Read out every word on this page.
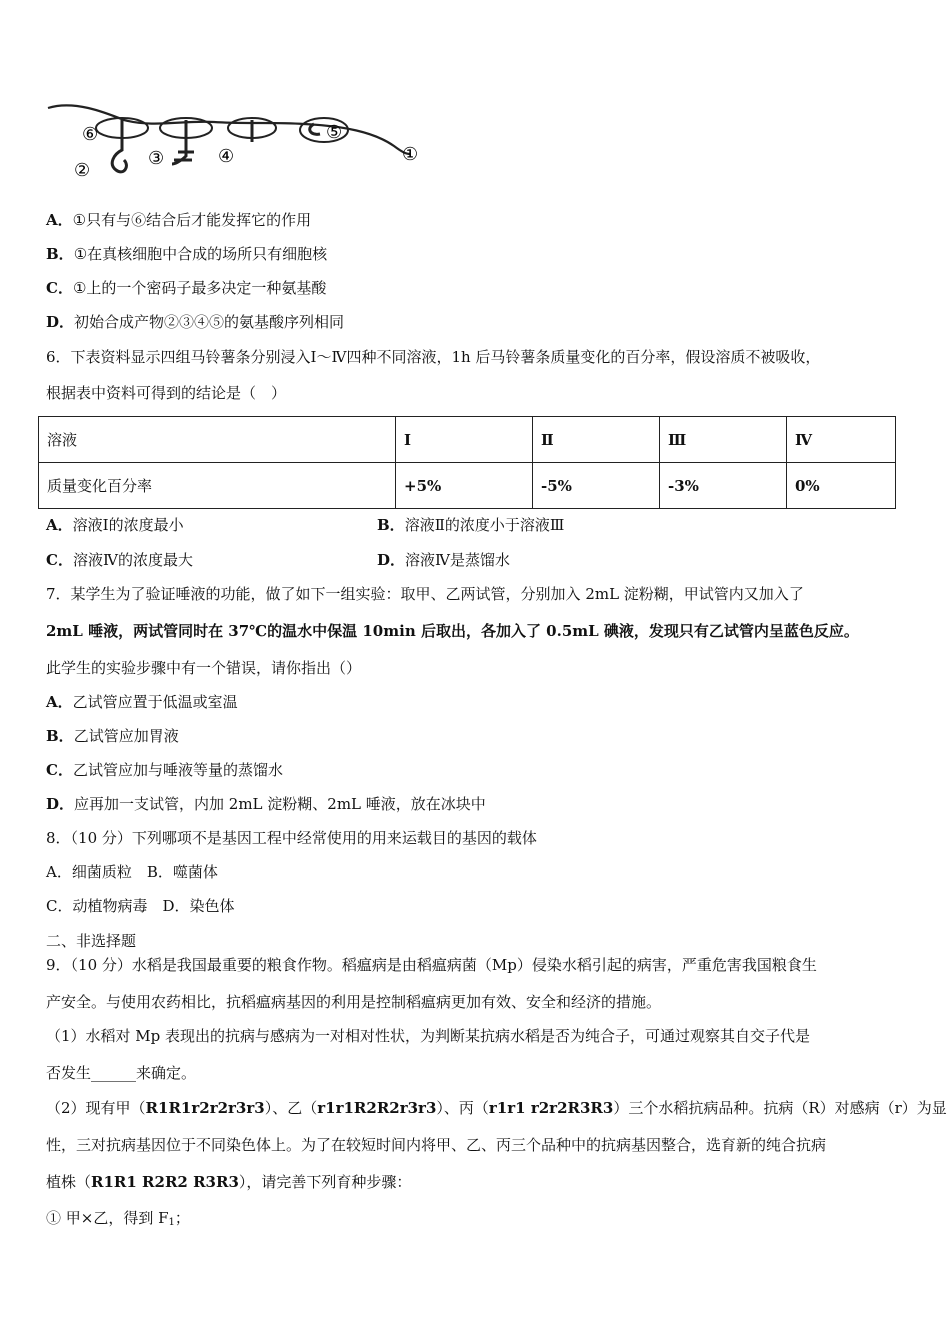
⑥
②
③	④
⑤
①
A．①只有与⑥结合后才能发挥它的作用
B．①在真核细胞中合成的场所只有细胞核
C．①上的一个密码子最多决定一种氨基酸
D．初始合成产物②③④⑤的氨基酸序列相同
6．下表资料显示四组马铃薯条分别浸入Ⅰ～Ⅳ四种不同溶液，1h 后马铃薯条质量变化的百分率，假设溶质不被吸收，
根据表中资料可得到的结论是（　）
溶液	Ⅰ	Ⅱ	Ⅲ	Ⅳ
质量变化百分率	+5%	-5%	-3%	0%
A．溶液Ⅰ的浓度最小	B．溶液Ⅱ的浓度小于溶液Ⅲ
C．溶液Ⅳ的浓度最大	D．溶液Ⅳ是蒸馏水
7．某学生为了验证唾液的功能，做了如下一组实验：取甲、乙两试管，分别加入 2mL 淀粉糊，甲试管内又加入了
2mL 唾液，两试管同时在 37℃的温水中保温 10min 后取出，各加入了 0.5mL 碘液，发现只有乙试管内呈蓝色反应。
此学生的实验步骤中有一个错误，请你指出（）
A．乙试管应置于低温或室温
B．乙试管应加胃液
C．乙试管应加与唾液等量的蒸馏水
D．应再加一支试管，内加 2mL 淀粉糊、2mL 唾液，放在冰块中
8．（10 分）下列哪项不是基因工程中经常使用的用来运载目的基因的载体
A．细菌质粒　B．噬菌体
C．动植物病毒　D．染色体
二、非选择题
9．（10 分）水稻是我国最重要的粮食作物。稻瘟病是由稻瘟病菌（Mp）侵染水稻引起的病害，严重危害我国粮食生
产安全。与使用农药相比，抗稻瘟病基因的利用是控制稻瘟病更加有效、安全和经济的措施。
（1）水稻对 Mp 表现出的抗病与感病为一对相对性状，为判断某抗病水稻是否为纯合子，可通过观察其自交子代是
否发生______来确定。
（2）现有甲（R1R1r2r2r3r3）、乙（r1r1R2R2r3r3）、丙（r1r1 r2r2R3R3）三个水稻抗病品种。抗病（R）对感病（r）为显
性，三对抗病基因位于不同染色体上。为了在较短时间内将甲、乙、丙三个品种中的抗病基因整合，选育新的纯合抗病
植株（R1R1 R2R2 R3R3），请完善下列育种步骤：
① 甲×乙，得到 $F_1$；
